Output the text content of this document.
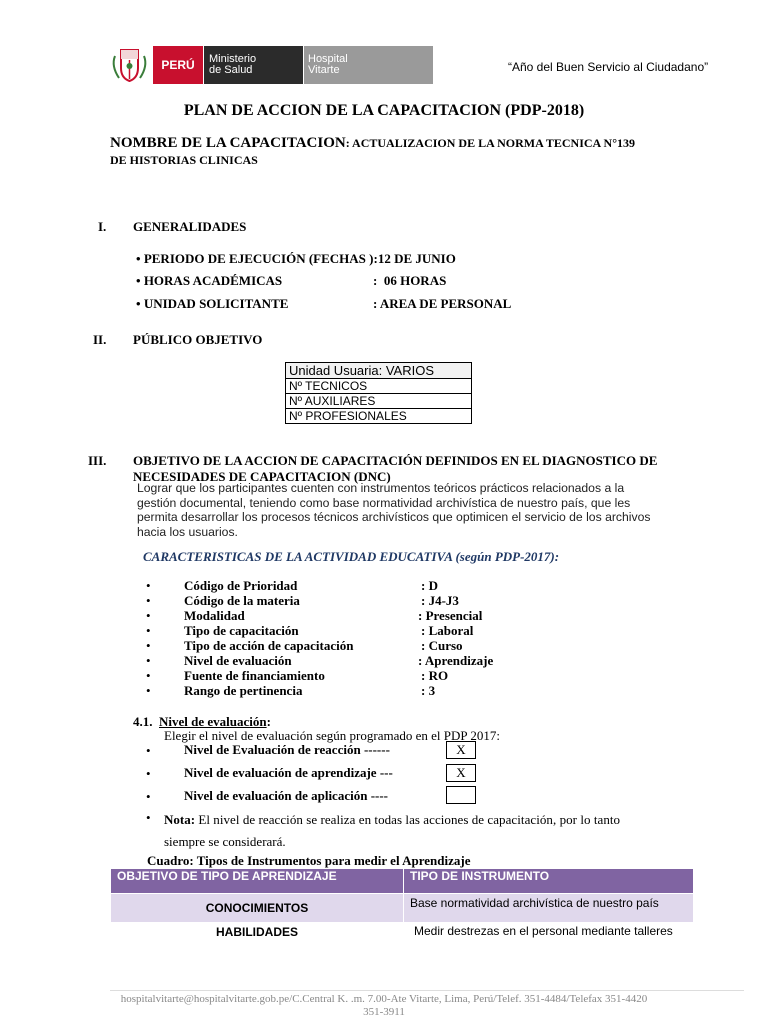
PERÚ	Ministerio
de Salud
Hospital
Vitarte	“Año del Buen Servicio al Ciudadano”
PLAN DE ACCION DE LA CAPACITACION (PDP-2018)
NOMBRE DE LA CAPACITACION: ACTUALIZACION DE LA NORMA TECNICA N°139
DE HISTORIAS CLINICAS
I. GENERALIDADES
• PERIODO DE EJECUCIÓN (FECHAS ):12 DE JUNIO
• HORAS ACADÉMICAS	:  06 HORAS
• UNIDAD SOLICITANTE	: AREA DE PERSONAL
II. PÚBLICO OBJETIVO
Unidad Usuaria: VARIOS
Nº TECNICOS
Nº AUXILIARES
Nº PROFESIONALES
III. OBJETIVO DE LA ACCION DE CAPACITACIÓN DEFINIDOS EN EL DIAGNOSTICO DE
NECESIDADES DE CAPACITACION (DNC)
Lograr que los participantes cuenten con instrumentos teóricos prácticos relacionados a la
gestión documental, teniendo como base normatividad archivística de nuestro país, que les
permita desarrollar los procesos técnicos archivísticos que optimicen el servicio de los archivos
hacia los usuarios.
CARACTERISTICAS DE LA ACTIVIDAD EDUCATIVA (según PDP-2017):
•	Código de Prioridad	: D
•	Código de la materia	: J4-J3
•	Modalidad	: Presencial
•	Tipo de capacitación	: Laboral
•	Tipo de acción de capacitación	: Curso
•	Nivel de evaluación	: Aprendizaje
•	Fuente de financiamiento	: RO
•	Rango de pertinencia	: 3
4.1. Nivel de evaluación:
Elegir el nivel de evaluación según programado en el PDP 2017:
•	Nivel de Evaluación de reacción ------	X
•	Nivel de evaluación de aprendizaje ---	X
•	Nivel de evaluación de aplicación ----
• Nota: El nivel de reacción se realiza en todas las acciones de capacitación, por lo tanto
siempre se considerará.
Cuadro: Tipos de Instrumentos para medir el Aprendizaje
OBJETIVO DE TIPO DE APRENDIZAJE	TIPO DE INSTRUMENTO
CONOCIMIENTOS	Base normatividad archivística de nuestro país
HABILIDADES	Medir destrezas en el personal mediante talleres
hospitalvitarte@hospitalvitarte.gob.pe/C.Central K. .m. 7.00-Ate Vitarte, Lima, Perú/Telef. 351-4484/Telefax 351-4420
351-3911
